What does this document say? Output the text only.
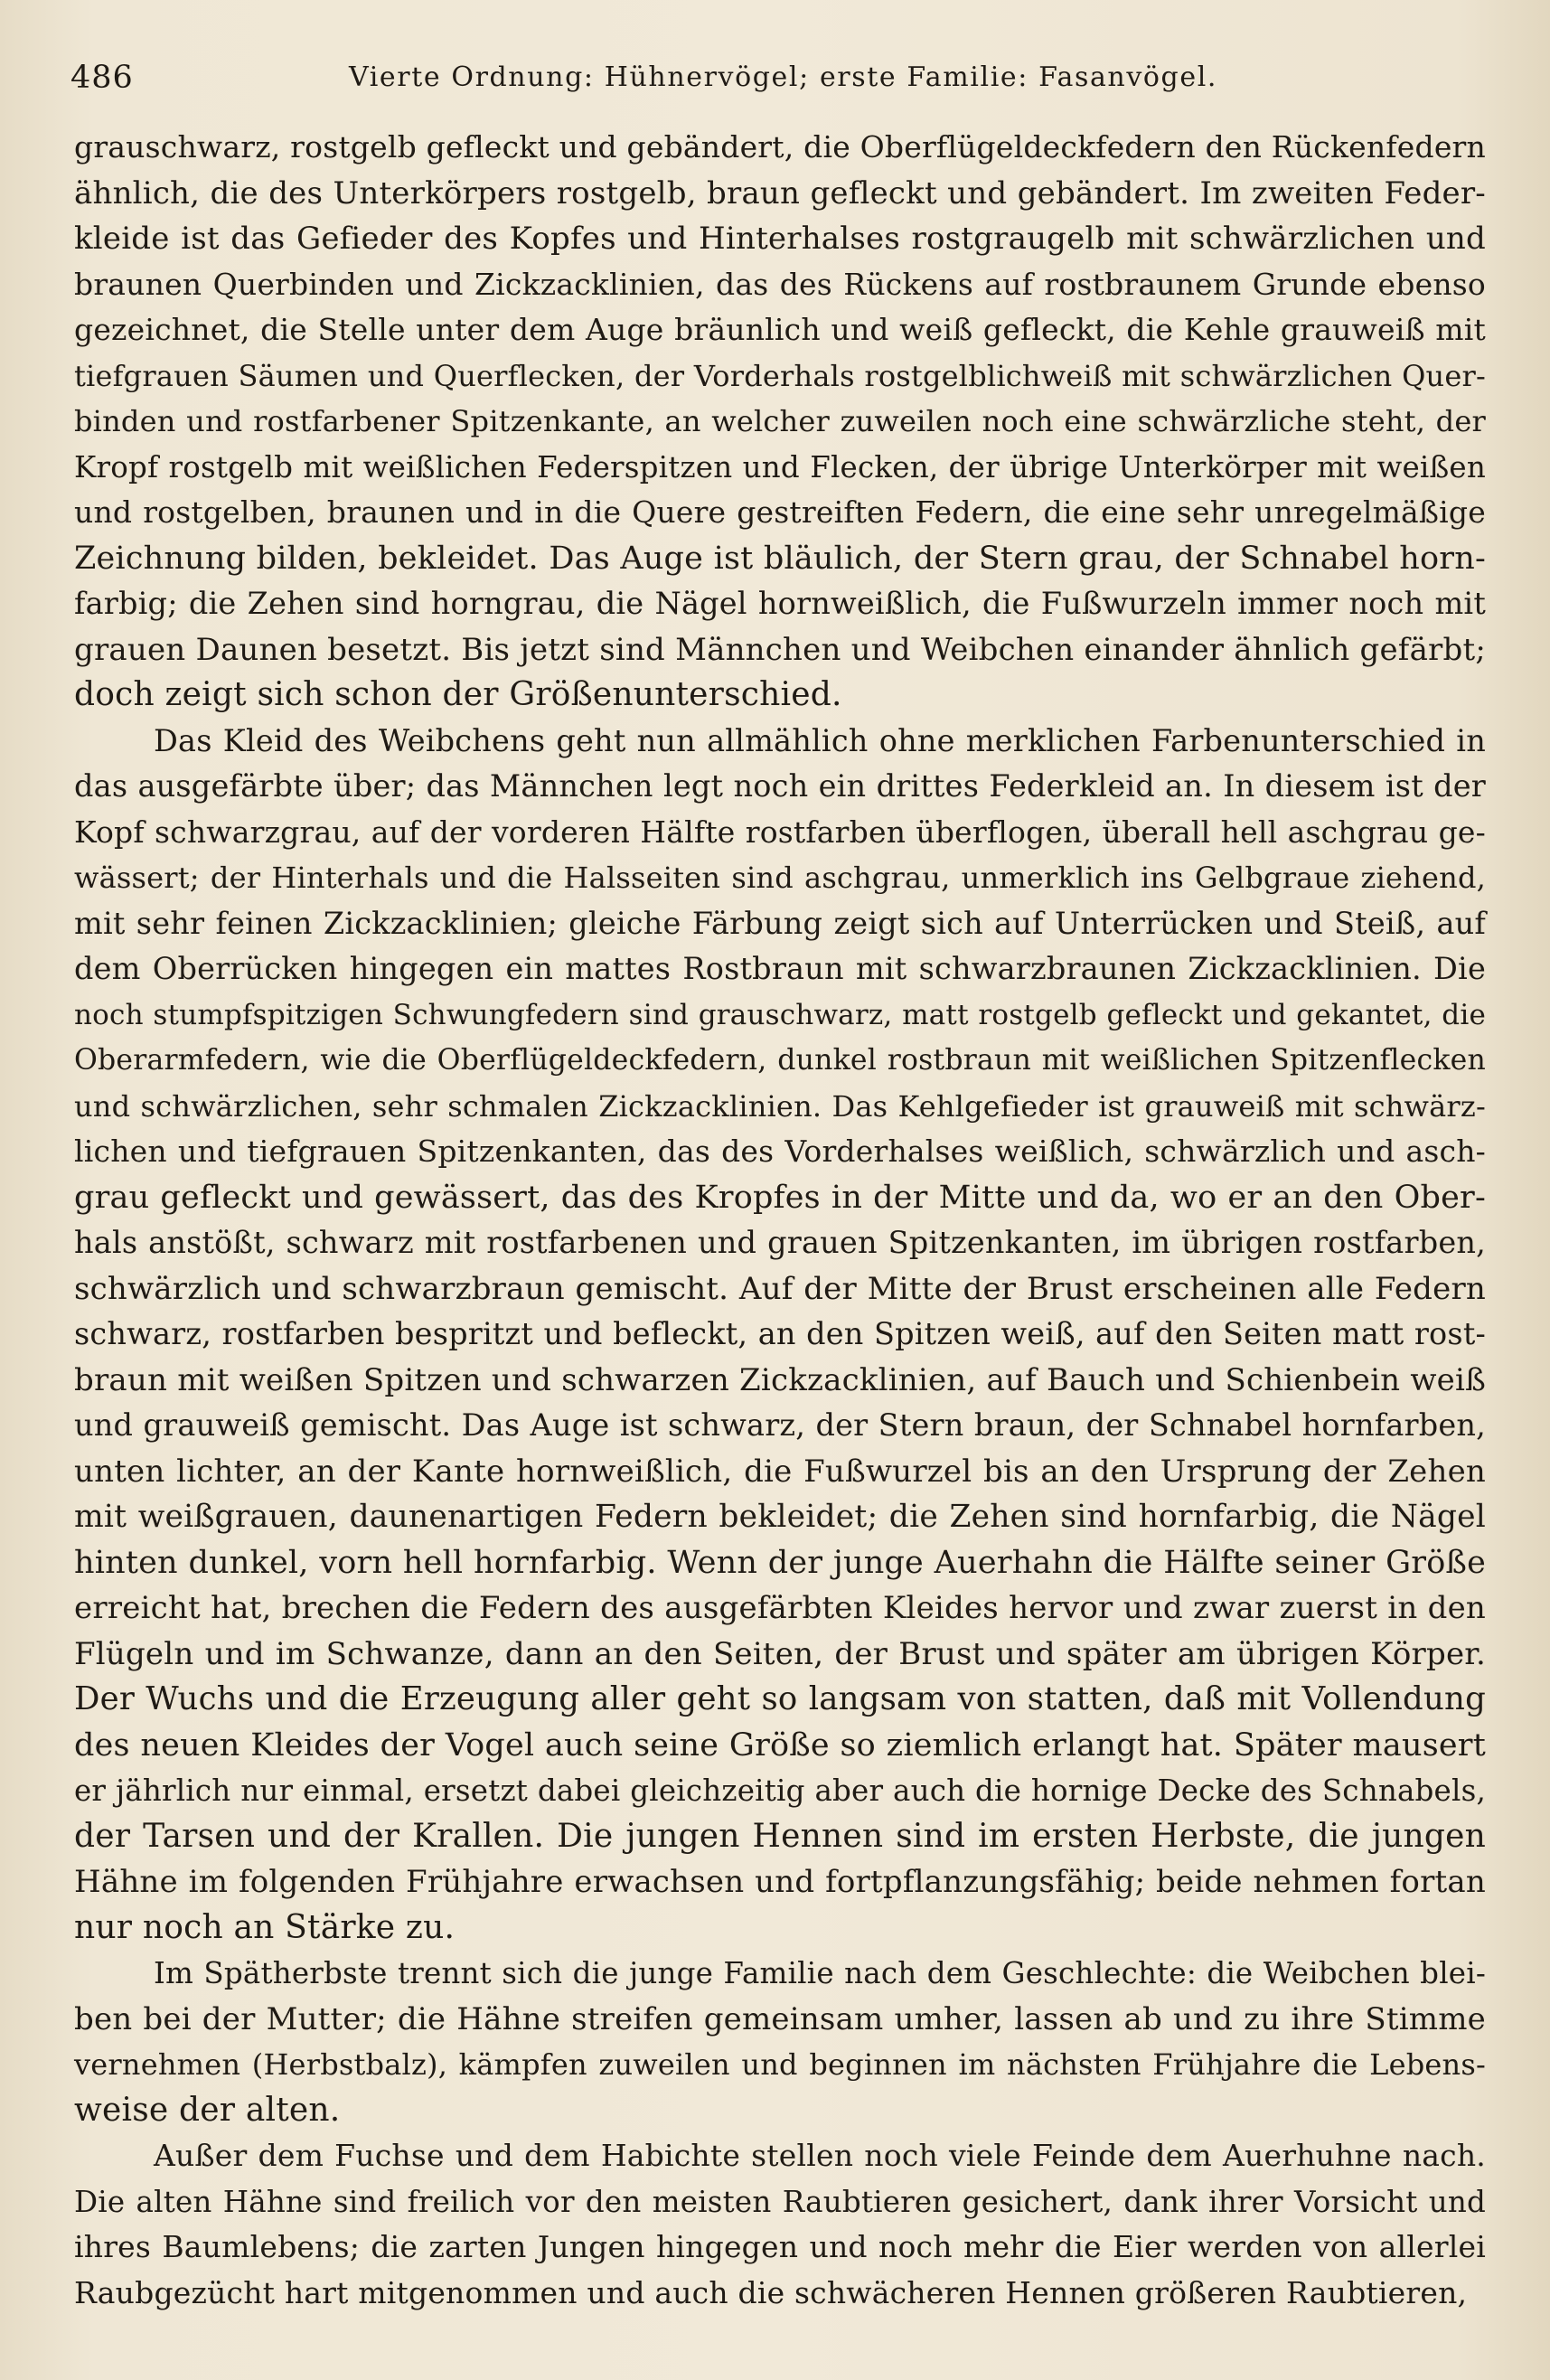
486	Vierte Ordnung: Hühnervögel; erste Familie: Fasanvögel.
grauschwarz, rostgelb gefleckt und gebändert, die Oberflügeldeckfedern den Rückenfedern
ähnlich, die des Unterkörpers rostgelb, braun gefleckt und gebändert. Im zweiten Feder-
kleide ist das Gefieder des Kopfes und Hinterhalses rostgraugelb mit schwärzlichen und
braunen Querbinden und Zickzacklinien, das des Rückens auf rostbraunem Grunde ebenso
gezeichnet, die Stelle unter dem Auge bräunlich und weiß gefleckt, die Kehle grauweiß mit
tiefgrauen Säumen und Querflecken, der Vorderhals rostgelblichweiß mit schwärzlichen Quer-
binden und rostfarbener Spitzenkante, an welcher zuweilen noch eine schwärzliche steht, der
Kropf rostgelb mit weißlichen Federspitzen und Flecken, der übrige Unterkörper mit weißen
und rostgelben, braunen und in die Quere gestreiften Federn, die eine sehr unregelmäßige
Zeichnung bilden, bekleidet. Das Auge ist bläulich, der Stern grau, der Schnabel horn-
farbig; die Zehen sind horngrau, die Nägel hornweißlich, die Fußwurzeln immer noch mit
grauen Daunen besetzt. Bis jetzt sind Männchen und Weibchen einander ähnlich gefärbt;
doch zeigt sich schon der Größenunterschied.
Das Kleid des Weibchens geht nun allmählich ohne merklichen Farbenunterschied in
das ausgefärbte über; das Männchen legt noch ein drittes Federkleid an. In diesem ist der
Kopf schwarzgrau, auf der vorderen Hälfte rostfarben überflogen, überall hell aschgrau ge-
wässert; der Hinterhals und die Halsseiten sind aschgrau, unmerklich ins Gelbgraue ziehend,
mit sehr feinen Zickzacklinien; gleiche Färbung zeigt sich auf Unterrücken und Steiß, auf
dem Oberrücken hingegen ein mattes Rostbraun mit schwarzbraunen Zickzacklinien. Die
noch stumpfspitzigen Schwungfedern sind grauschwarz, matt rostgelb gefleckt und gekantet, die
Oberarmfedern, wie die Oberflügeldeckfedern, dunkel rostbraun mit weißlichen Spitzenflecken
und schwärzlichen, sehr schmalen Zickzacklinien. Das Kehlgefieder ist grauweiß mit schwärz-
lichen und tiefgrauen Spitzenkanten, das des Vorderhalses weißlich, schwärzlich und asch-
grau gefleckt und gewässert, das des Kropfes in der Mitte und da, wo er an den Ober-
hals anstößt, schwarz mit rostfarbenen und grauen Spitzenkanten, im übrigen rostfarben,
schwärzlich und schwarzbraun gemischt. Auf der Mitte der Brust erscheinen alle Federn
schwarz, rostfarben bespritzt und befleckt, an den Spitzen weiß, auf den Seiten matt rost-
braun mit weißen Spitzen und schwarzen Zickzacklinien, auf Bauch und Schienbein weiß
und grauweiß gemischt. Das Auge ist schwarz, der Stern braun, der Schnabel hornfarben,
unten lichter, an der Kante hornweißlich, die Fußwurzel bis an den Ursprung der Zehen
mit weißgrauen, daunenartigen Federn bekleidet; die Zehen sind hornfarbig, die Nägel
hinten dunkel, vorn hell hornfarbig. Wenn der junge Auerhahn die Hälfte seiner Größe
erreicht hat, brechen die Federn des ausgefärbten Kleides hervor und zwar zuerst in den
Flügeln und im Schwanze, dann an den Seiten, der Brust und später am übrigen Körper.
Der Wuchs und die Erzeugung aller geht so langsam von statten, daß mit Vollendung
des neuen Kleides der Vogel auch seine Größe so ziemlich erlangt hat. Später mausert
er jährlich nur einmal, ersetzt dabei gleichzeitig aber auch die hornige Decke des Schnabels,
der Tarsen und der Krallen. Die jungen Hennen sind im ersten Herbste, die jungen
Hähne im folgenden Frühjahre erwachsen und fortpflanzungsfähig; beide nehmen fortan
nur noch an Stärke zu.
Im Spätherbste trennt sich die junge Familie nach dem Geschlechte: die Weibchen blei-
ben bei der Mutter; die Hähne streifen gemeinsam umher, lassen ab und zu ihre Stimme
vernehmen (Herbstbalz), kämpfen zuweilen und beginnen im nächsten Frühjahre die Lebens-
weise der alten.
Außer dem Fuchse und dem Habichte stellen noch viele Feinde dem Auerhuhne nach.
Die alten Hähne sind freilich vor den meisten Raubtieren gesichert, dank ihrer Vorsicht und
ihres Baumlebens; die zarten Jungen hingegen und noch mehr die Eier werden von allerlei
Raubgezücht hart mitgenommen und auch die schwächeren Hennen größeren Raubtieren,
